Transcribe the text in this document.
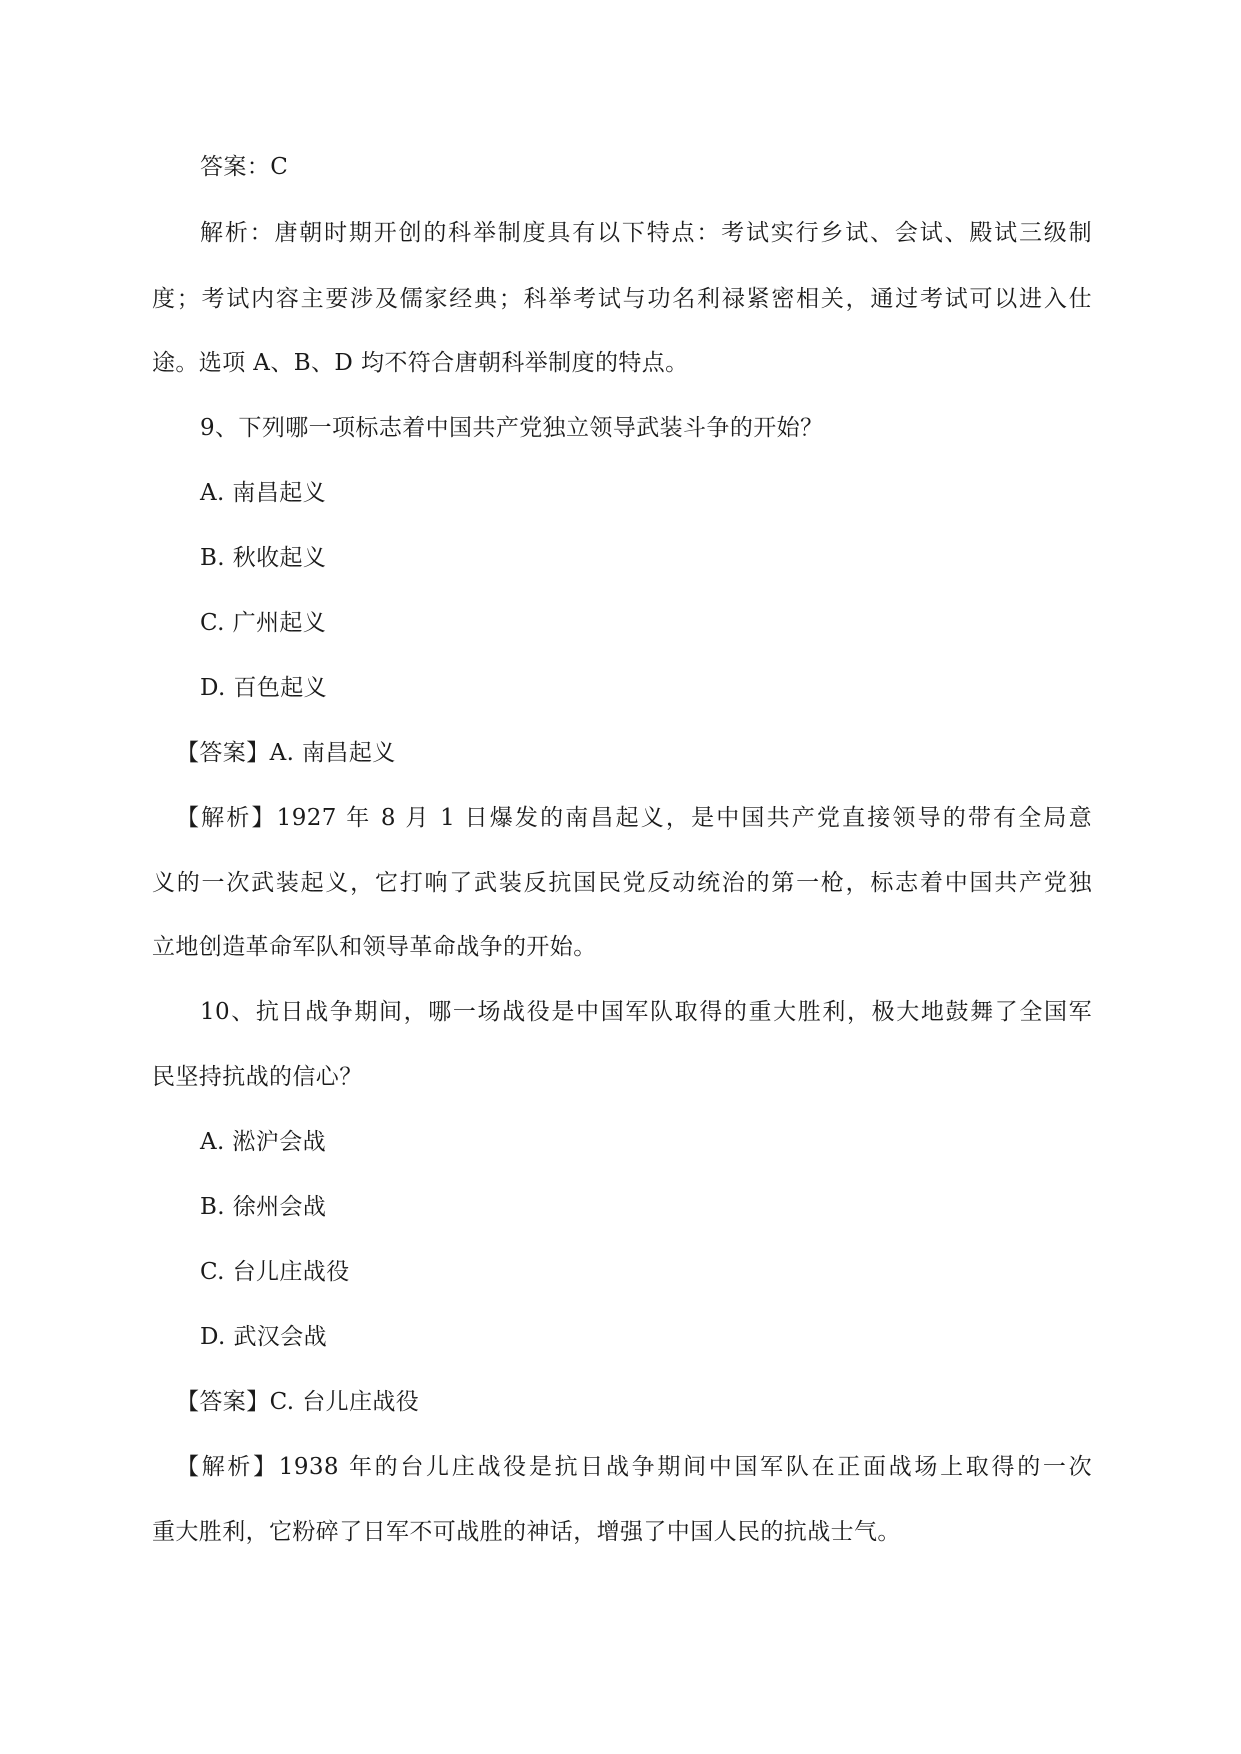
答案：C
解析：唐朝时期开创的科举制度具有以下特点：考试实行乡试、会试、殿试三级制
度；考试内容主要涉及儒家经典；科举考试与功名利禄紧密相关，通过考试可以进入仕
途。选项 A、B、D 均不符合唐朝科举制度的特点。
9、下列哪一项标志着中国共产党独立领导武装斗争的开始？
A. 南昌起义
B. 秋收起义
C. 广州起义
D. 百色起义
【答案】A. 南昌起义
【解析】1927 年 8 月 1 日爆发的南昌起义，是中国共产党直接领导的带有全局意
义的一次武装起义，它打响了武装反抗国民党反动统治的第一枪，标志着中国共产党独
立地创造革命军队和领导革命战争的开始。
10、抗日战争期间，哪一场战役是中国军队取得的重大胜利，极大地鼓舞了全国军
民坚持抗战的信心？
A. 淞沪会战
B. 徐州会战
C. 台儿庄战役
D. 武汉会战
【答案】C. 台儿庄战役
【解析】1938 年的台儿庄战役是抗日战争期间中国军队在正面战场上取得的一次
重大胜利，它粉碎了日军不可战胜的神话，增强了中国人民的抗战士气。
